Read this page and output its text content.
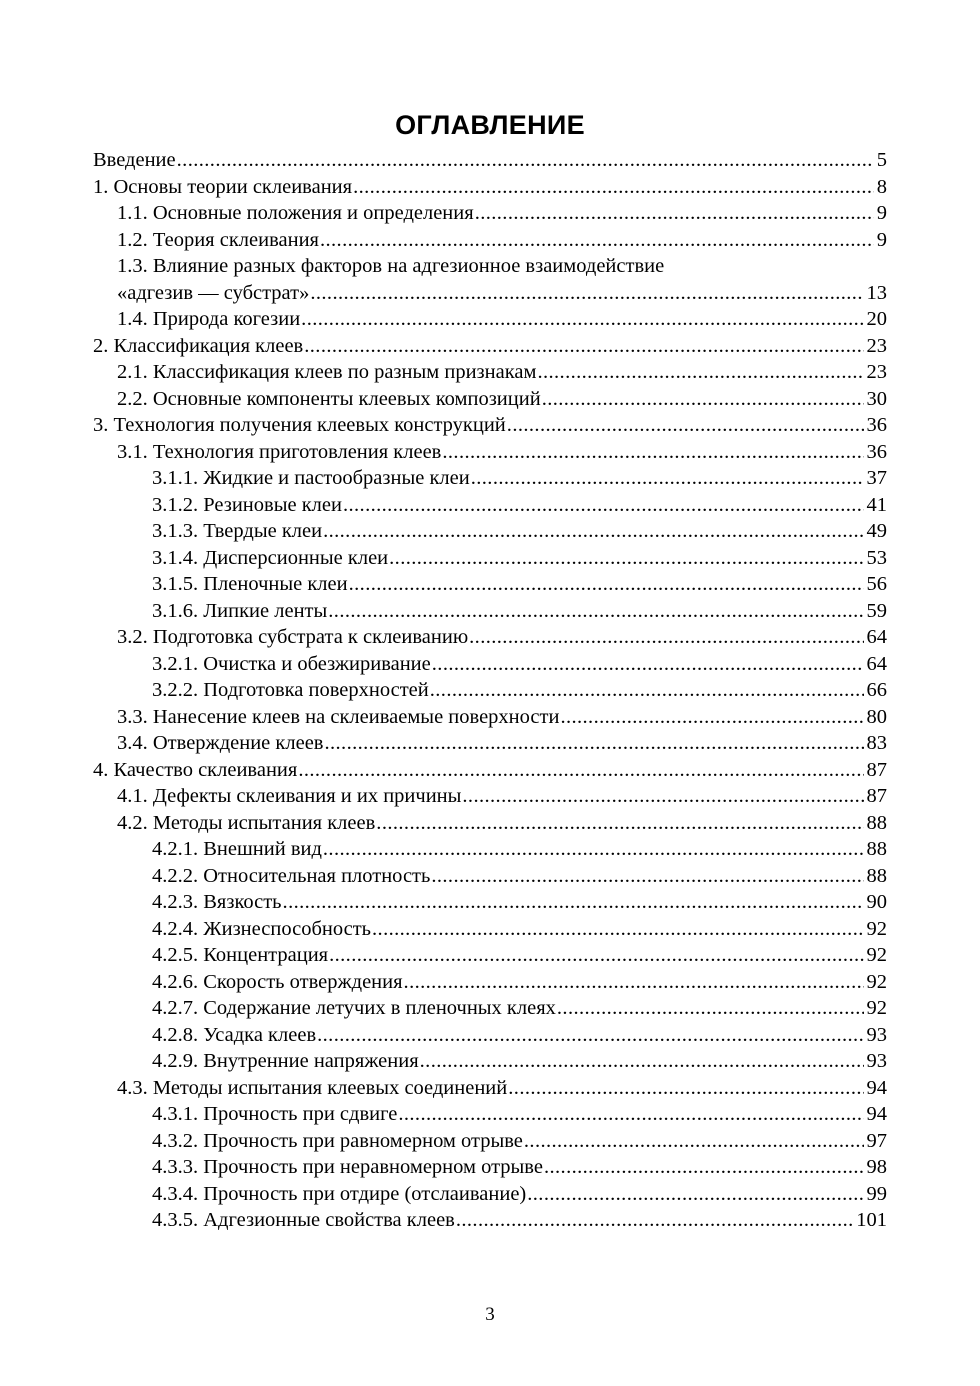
ОГЛАВЛЕНИЕ
Введение .....	5
1. Основы теории склеивания .....	8
1.1. Основные положения и определения .....	9
1.2. Теория склеивания .....	9
1.3. Влияние разных факторов на адгезионное взаимодействие
«адгезив — субстрат» .....	13
1.4. Природа когезии .....	20
2. Классификация клеев .....	23
2.1. Классификация клеев по разным признакам .....	23
2.2. Основные компоненты клеевых композиций .....	30
3. Технология получения клеевых конструкций .....	36
3.1. Технология приготовления клеев .....	36
3.1.1. Жидкие и пастообразные клеи .....	37
3.1.2. Резиновые клеи .....	41
3.1.3. Твердые клеи .....	49
3.1.4. Дисперсионные клеи .....	53
3.1.5. Пленочные клеи .....	56
3.1.6. Липкие ленты .....	59
3.2. Подготовка субстрата к склеиванию .....	64
3.2.1. Очистка и обезжиривание .....	64
3.2.2. Подготовка поверхностей .....	66
3.3. Нанесение клеев на склеиваемые поверхности .....	80
3.4. Отверждение клеев .....	83
4. Качество склеивания .....	87
4.1. Дефекты склеивания и их причины .....	87
4.2. Методы испытания клеев .....	88
4.2.1. Внешний вид .....	88
4.2.2. Относительная плотность .....	88
4.2.3. Вязкость .....	90
4.2.4. Жизнеспособность .....	92
4.2.5. Концентрация .....	92
4.2.6. Скорость отверждения .....	92
4.2.7. Содержание летучих в пленочных клеях .....	92
4.2.8. Усадка клеев .....	93
4.2.9. Внутренние напряжения .....	93
4.3. Методы испытания клеевых соединений .....	94
4.3.1. Прочность при сдвиге .....	94
4.3.2. Прочность при равномерном отрыве .....	97
4.3.3. Прочность при неравномерном отрыве .....	98
4.3.4. Прочность при отдире (отслаивание) .....	99
4.3.5. Адгезионные свойства клеев .....	101
3
